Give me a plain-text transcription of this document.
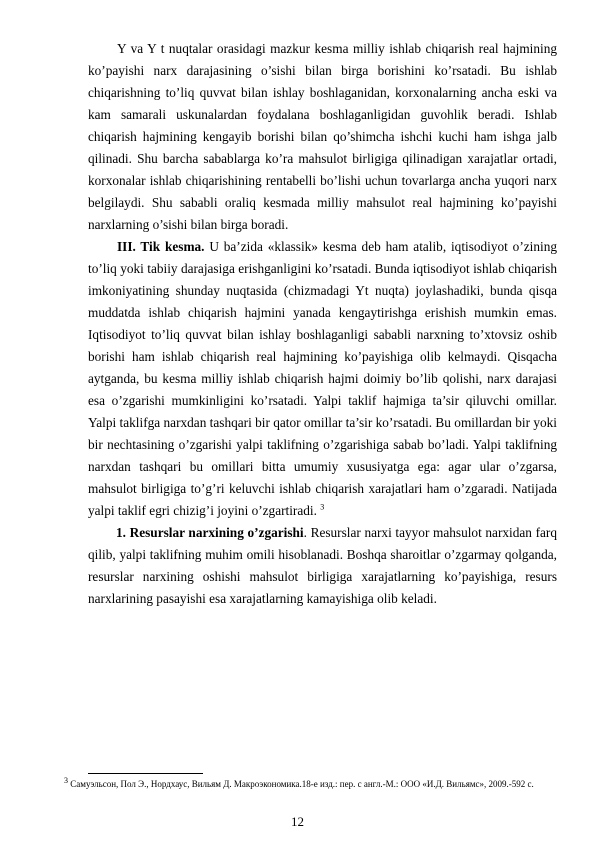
Y va Y t nuqtalar orasidagi mazkur kesma milliy ishlab chiqarish real hajmining ko’payishi narx darajasining o’sishi bilan birga borishini ko’rsatadi. Bu ishlab chiqarishning to’liq quvvat bilan ishlay boshlaganidan, korxonalarning ancha eski va kam samarali uskunalardan foydalana boshlaganligidan guvohlik beradi. Ishlab chiqarish hajmining kengayib borishi bilan qo’shimcha ishchi kuchi ham ishga jalb qilinadi. Shu barcha sabablarga ko’ra mahsulot birligiga qilinadigan xarajatlar ortadi, korxonalar ishlab chiqarishining rentabelli bo’lishi uchun tovarlarga ancha yuqori narx belgilaydi. Shu sababli oraliq kesmada milliy mahsulot real hajmining ko’payishi narxlarning o’sishi bilan birga boradi.

III. Tik kesma. U ba’zida «klassik» kesma deb ham atalib, iqtisodiyot o’zining to’liq yoki tabiiy darajasiga erishganligini ko’rsatadi. Bunda iqtisodiyot ishlab chiqarish imkoniyatining shunday nuqtasida (chizmadagi Yt nuqta) joylashadiki, bunda qisqa muddatda ishlab chiqarish hajmini yanada kengaytirishga erishish mumkin emas. Iqtisodiyot to’liq quvvat bilan ishlay boshlaganligi sababli narxning to’xtovsiz oshib borishi ham ishlab chiqarish real hajmining ko’payishiga olib kelmaydi. Qisqacha aytganda, bu kesma milliy ishlab chiqarish hajmi doimiy bo’lib qolishi, narx darajasi esa o’zgarishi mumkinligini ko’rsatadi. Yalpi taklif hajmiga ta’sir qiluvchi omillar. Yalpi taklifga narxdan tashqari bir qator omillar ta’sir ko’rsatadi. Bu omillardan bir yoki bir nechtasining o’zgarishi yalpi taklifning o’zgarishiga sabab bo’ladi. Yalpi taklifning narxdan tashqari bu omillari bitta umumiy xususiyatga ega: agar ular o’zgarsa, mahsulot birligiga to’g’ri keluvchi ishlab chiqarish xarajatlari ham o’zgaradi. Natijada yalpi taklif egri chizig’i joyini o’zgartiradi. $^3$

1. Resurslar narxining o’zgarishi. Resurslar narxi tayyor mahsulot narxidan farq qilib, yalpi taklifning muhim omili hisoblanadi. Boshqa sharoitlar o’zgarmay qolganda, resurslar narxining oshishi mahsulot birligiga xarajatlarning ko’payishiga, resurs narxlarining pasayishi esa xarajatlarning kamayishiga olib keladi.

$^3$ Самуэльсон, Пол Э., Нордхаус, Вильям Д. Макроэкономика.18-е изд.: пер. с англ.-М.: ООО «И.Д. Вильямс», 2009.-592 с.
12
